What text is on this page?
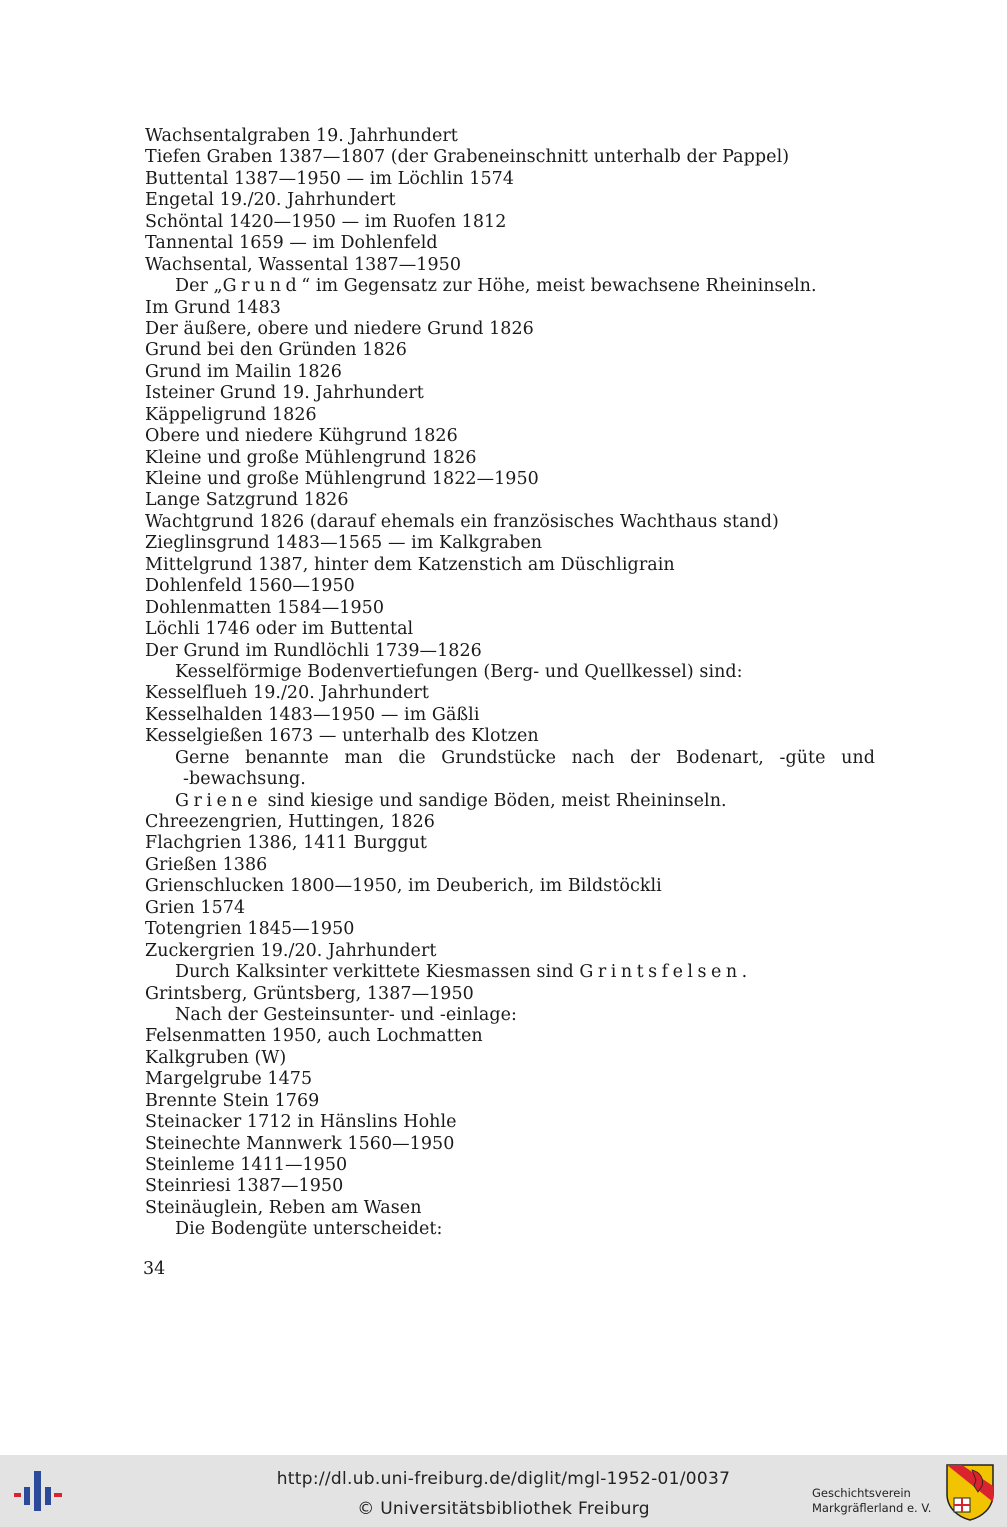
Wachsentalgraben 19. Jahrhundert
Tiefen Graben 1387—1807 (der Grabeneinschnitt unterhalb der Pappel)
Buttental 1387—1950 — im Löchlin 1574
Engetal 19./20. Jahrhundert
Schöntal 1420—1950 — im Ruofen 1812
Tannental 1659 — im Dohlenfeld
Wachsental, Wassental 1387—1950
Der „Grund“ im Gegensatz zur Höhe, meist bewachsene Rheininseln.
Im Grund 1483
Der äußere, obere und niedere Grund 1826
Grund bei den Gründen 1826
Grund im Mailin 1826
Isteiner Grund 19. Jahrhundert
Käppeligrund 1826
Obere und niedere Kühgrund 1826
Kleine und große Mühlengrund 1826
Kleine und große Mühlengrund 1822—1950
Lange Satzgrund 1826
Wachtgrund 1826 (darauf ehemals ein französisches Wachthaus stand)
Zieglinsgrund 1483—1565 — im Kalkgraben
Mittelgrund 1387, hinter dem Katzenstich am Düschligrain
Dohlenfeld 1560—1950
Dohlenmatten 1584—1950
Löchli 1746 oder im Buttental
Der Grund im Rundlöchli 1739—1826
Kesselförmige Bodenvertiefungen (Berg- und Quellkessel) sind:
Kesselflueh 19./20. Jahrhundert
Kesselhalden 1483—1950 — im Gäßli
Kesselgießen 1673 — unterhalb des Klotzen
Gerne benannte man die Grundstücke nach der Bodenart, -güte und
-bewachsung.
Griene sind kiesige und sandige Böden, meist Rheininseln.
Chreezengrien, Huttingen, 1826
Flachgrien 1386, 1411 Burggut
Grießen 1386
Grienschlucken 1800—1950, im Deuberich, im Bildstöckli
Grien 1574
Totengrien 1845—1950
Zuckergrien 19./20. Jahrhundert
Durch Kalksinter verkittete Kiesmassen sind Grintsfelsen.
Grintsberg, Grüntsberg, 1387—1950
Nach der Gesteinsunter- und -einlage:
Felsenmatten 1950, auch Lochmatten
Kalkgruben (W)
Margelgrube 1475
Brennte Stein 1769
Steinacker 1712 in Hänslins Hohle
Steinechte Mannwerk 1560—1950
Steinleme 1411—1950
Steinriesi 1387—1950
Steinäuglein, Reben am Wasen
Die Bodengüte unterscheidet:
34
http://dl.ub.uni-freiburg.de/diglit/mgl-1952-01/0037
© Universitätsbibliothek Freiburg
Geschichtsverein
Markgräflerland e. V.
